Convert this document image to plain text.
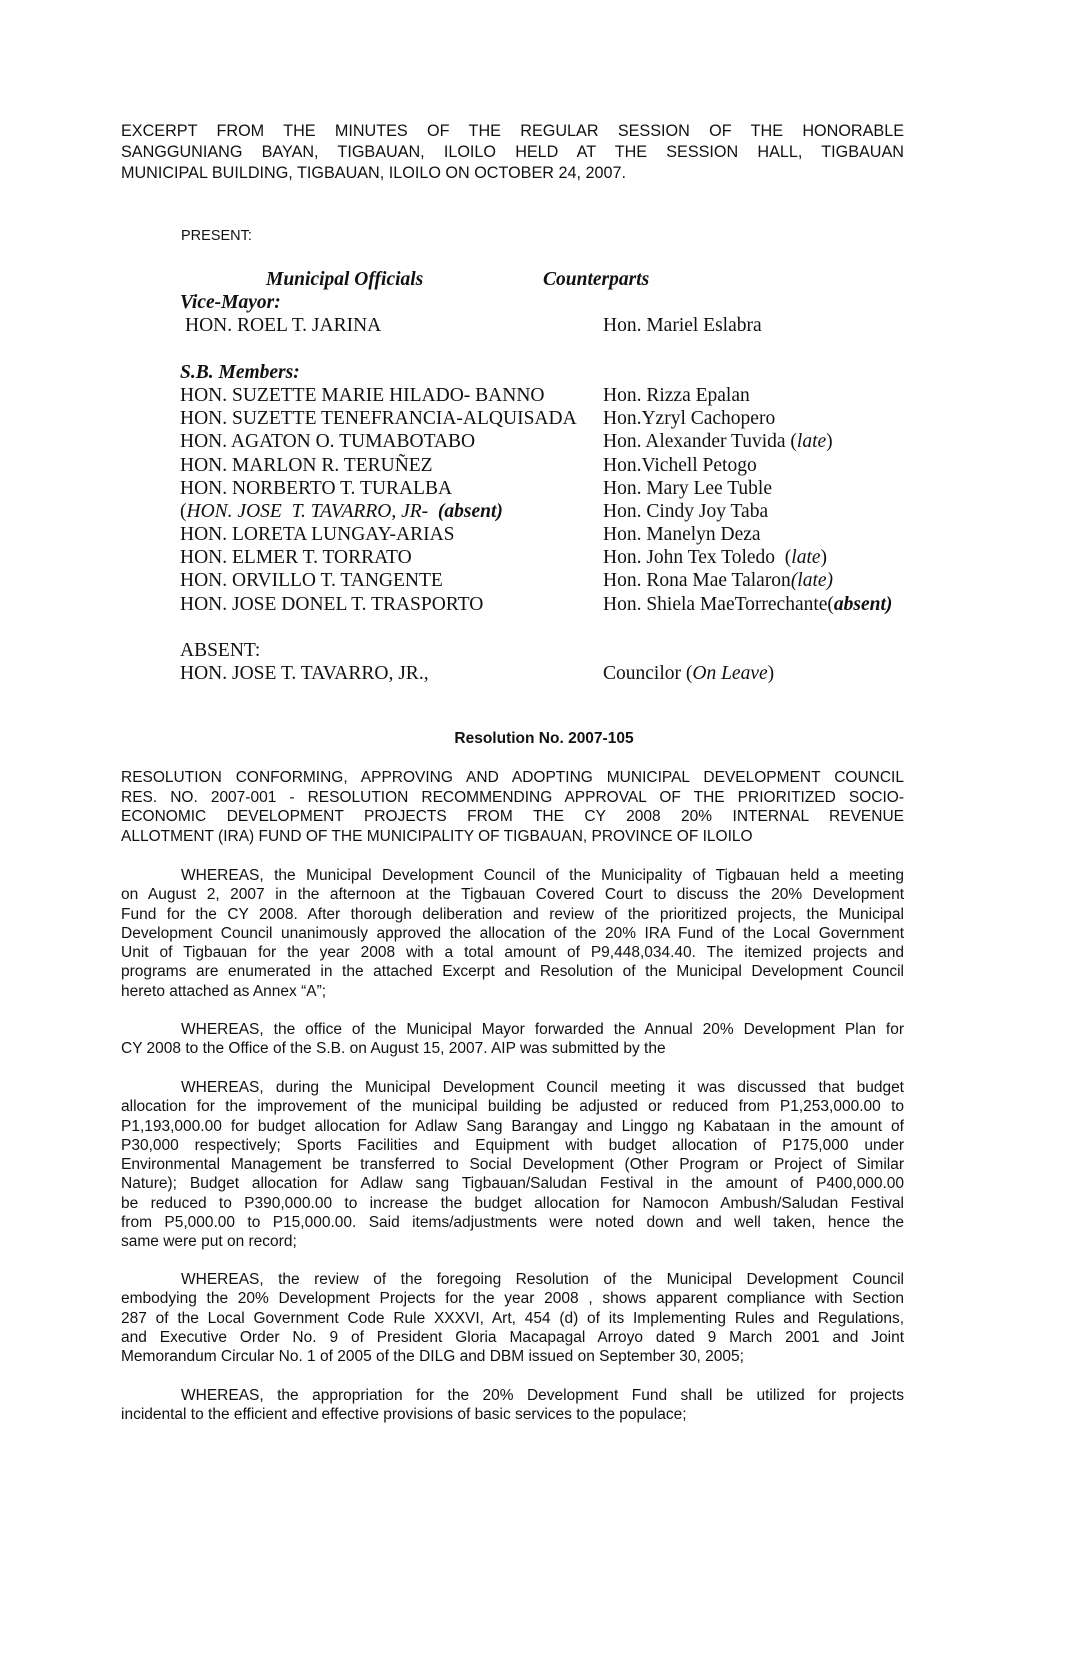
EXCERPT FROM THE MINUTES OF THE REGULAR SESSION OF THE HONORABLE
SANGGUNIANG BAYAN, TIGBAUAN, ILOILO HELD AT THE SESSION HALL, TIGBAUAN
MUNICIPAL BUILDING, TIGBAUAN, ILOILO ON OCTOBER 24, 2007.
PRESENT:
Municipal Officials	Counterparts
Vice-Mayor:
HON. ROEL T. JARINA	Hon. Mariel Eslabra
S.B. Members:
HON. SUZETTE MARIE HILADO- BANNO	Hon. Rizza Epalan
HON. SUZETTE TENEFRANCIA-ALQUISADA	Hon.Yzryl Cachopero
HON. AGATON O. TUMABOTABO	Hon. Alexander Tuvida (late)
HON. MARLON R. TERUÑEZ	Hon.Vichell Petogo
HON. NORBERTO T. TURALBA	Hon. Mary Lee Tuble
(HON. JOSE  T. TAVARRO, JR-  (absent)	Hon. Cindy Joy Taba
HON. LORETA LUNGAY-ARIAS	Hon. Manelyn Deza
HON. ELMER T. TORRATO	Hon. John Tex Toledo  (late)
HON. ORVILLO T. TANGENTE	Hon. Rona Mae Talaron(late)
HON. JOSE DONEL T. TRASPORTO	Hon. Shiela MaeTorrechante(absent)
ABSENT:
HON. JOSE T. TAVARRO, JR.,	Councilor (On Leave)
Resolution No. 2007-105
RESOLUTION CONFORMING, APPROVING AND ADOPTING MUNICIPAL DEVELOPMENT COUNCIL
RES. NO. 2007-001 - RESOLUTION RECOMMENDING APPROVAL OF THE PRIORITIZED SOCIO-
ECONOMIC DEVELOPMENT PROJECTS FROM THE CY 2008 20% INTERNAL REVENUE
ALLOTMENT (IRA) FUND OF THE MUNICIPALITY OF TIGBAUAN, PROVINCE OF ILOILO
WHEREAS, the Municipal Development Council of the Municipality of Tigbauan held a meeting
on August 2, 2007 in the afternoon at the Tigbauan Covered Court to discuss the 20% Development
Fund for the CY 2008. After thorough deliberation and review of the prioritized projects, the Municipal
Development Council unanimously approved the allocation of the 20% IRA Fund of the Local Government
Unit of Tigbauan for the year 2008 with a total amount of P9,448,034.40. The itemized projects and
programs are enumerated in the attached Excerpt and Resolution of the Municipal Development Council
hereto attached as Annex “A”;
WHEREAS, the office of the Municipal Mayor forwarded the Annual 20% Development Plan for
CY 2008 to the Office of the S.B. on August 15, 2007. AIP was submitted by the
WHEREAS, during the Municipal Development Council meeting it was discussed that budget
allocation for the improvement of the municipal building be adjusted or reduced from P1,253,000.00 to
P1,193,000.00 for budget allocation for Adlaw Sang Barangay and Linggo ng Kabataan in the amount of
P30,000 respectively; Sports Facilities and Equipment with budget allocation of P175,000 under
Environmental Management be transferred to Social Development (Other Program or Project of Similar
Nature); Budget allocation for Adlaw sang Tigbauan/Saludan Festival in the amount of P400,000.00
be reduced to P390,000.00 to increase the budget allocation for Namocon Ambush/Saludan Festival
from P5,000.00 to P15,000.00. Said items/adjustments were noted down and well taken, hence the
same were put on record;
WHEREAS, the review of the foregoing Resolution of the Municipal Development Council
embodying the 20% Development Projects for the year 2008 , shows apparent compliance with Section
287 of the Local Government Code Rule XXXVI, Art, 454 (d) of its Implementing Rules and Regulations,
and Executive Order No. 9 of President Gloria Macapagal Arroyo dated 9 March 2001 and Joint
Memorandum Circular No. 1 of 2005 of the DILG and DBM issued on September 30, 2005;
WHEREAS, the appropriation for the 20% Development Fund shall be utilized for projects
incidental to the efficient and effective provisions of basic services to the populace;
